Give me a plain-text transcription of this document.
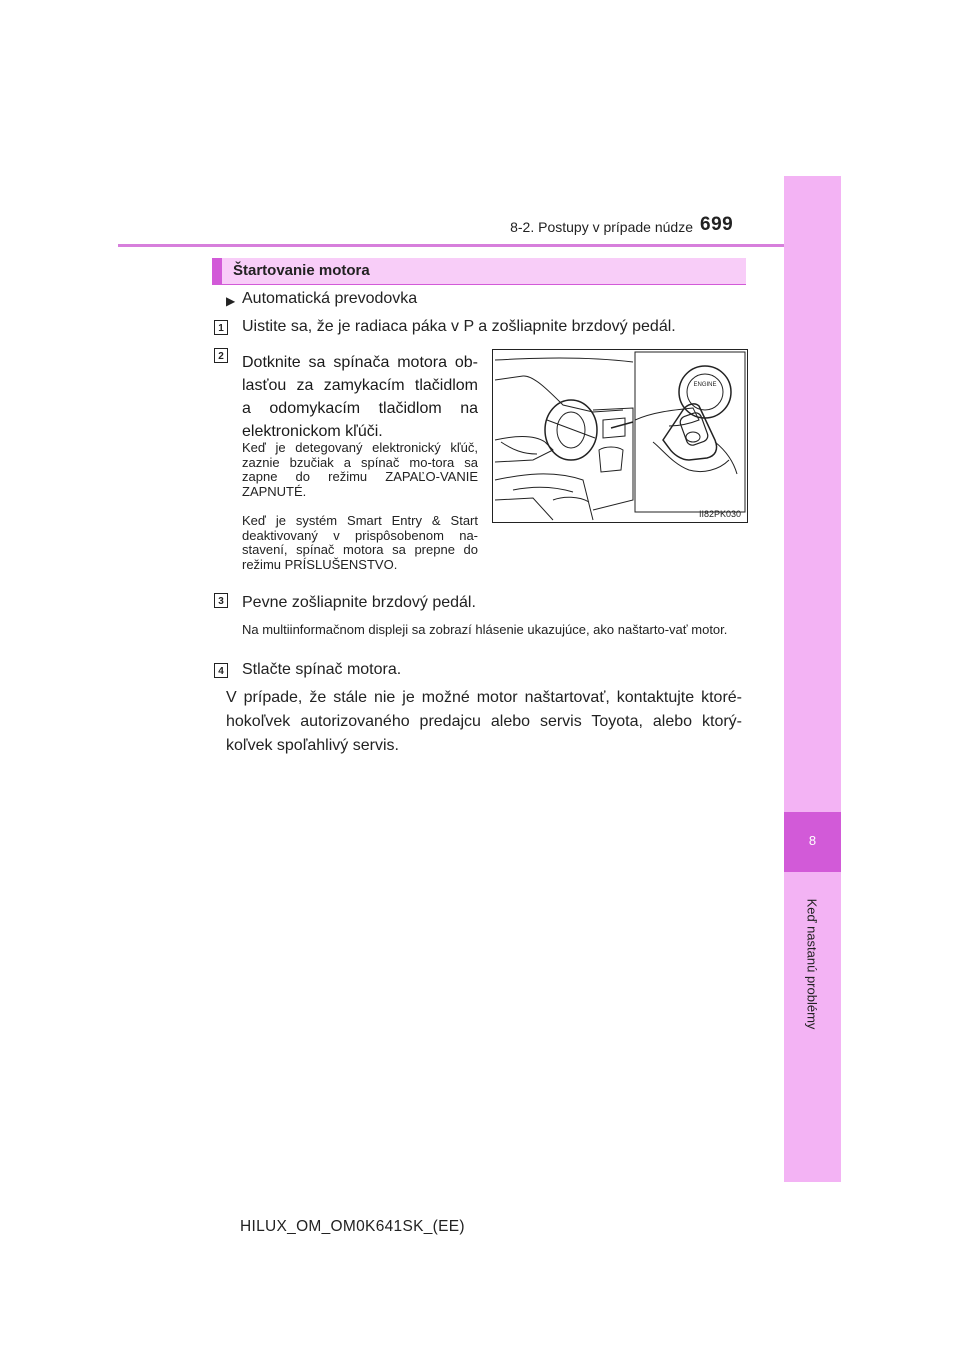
8
Keď nastanú problémy
8-2. Postupy v prípade núdze 699
Štartovanie motora
▶ Automatická prevodovka
1 Uistite sa, že je radiaca páka v P a zošliapnite brzdový pedál.
2 Dotknite sa spínača motora ob-
lasťou za zamykacím tlačidlom
a odomykacím tlačidlom na
elektronickom kľúči.
Keď je detegovaný elektronický kľúč, zaznie bzučiak a spínač mo-tora sa zapne do režimu ZAPAĽO-VANIE ZAPNUTÉ.
Keď je systém Smart Entry & Start deaktivovaný v prispôsobenom na-stavení, spínač motora sa prepne do režimu PRÍSLUŠENSTVO.
ENGINE
II82PK030
3 Pevne zošliapnite brzdový pedál.
Na multiinformačnom displeji sa zobrazí hlásenie ukazujúce, ako naštarto-vať motor.
4 Stlačte spínač motora.
V prípade, že stále nie je možné motor naštartovať, kontaktujte ktoré-hokoľvek autorizovaného predajcu alebo servis Toyota, alebo ktorý-koľvek spoľahlivý servis.
HILUX_OM_OM0K641SK_(EE)
